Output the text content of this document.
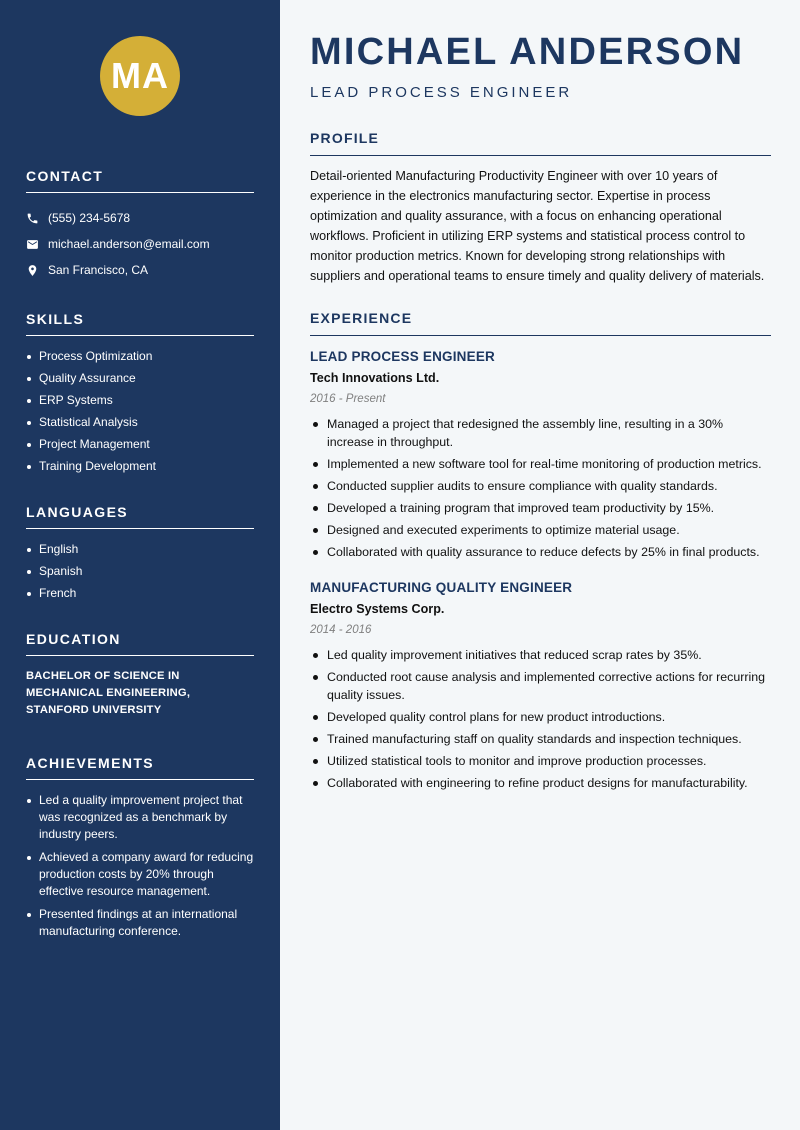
MA
CONTACT
(555) 234-5678
michael.anderson@email.com
San Francisco, CA
SKILLS
Process Optimization
Quality Assurance
ERP Systems
Statistical Analysis
Project Management
Training Development
LANGUAGES
English
Spanish
French
EDUCATION
BACHELOR OF SCIENCE IN MECHANICAL ENGINEERING, STANFORD UNIVERSITY
ACHIEVEMENTS
Led a quality improvement project that was recognized as a benchmark by industry peers.
Achieved a company award for reducing production costs by 20% through effective resource management.
Presented findings at an international manufacturing conference.
MICHAEL ANDERSON
LEAD PROCESS ENGINEER
PROFILE

Detail-oriented Manufacturing Productivity Engineer with over 10 years of experience in the electronics manufacturing sector. Expertise in process optimization and quality assurance, with a focus on enhancing operational workflows. Proficient in utilizing ERP systems and statistical process control to monitor production metrics. Known for developing strong relationships with suppliers and operational teams to ensure timely and quality delivery of materials.

EXPERIENCE
LEAD PROCESS ENGINEER
Tech Innovations Ltd.
2016 - Present
Managed a project that redesigned the assembly line, resulting in a 30% increase in throughput.
Implemented a new software tool for real-time monitoring of production metrics.
Conducted supplier audits to ensure compliance with quality standards.
Developed a training program that improved team productivity by 15%.
Designed and executed experiments to optimize material usage.
Collaborated with quality assurance to reduce defects by 25% in final products.
MANUFACTURING QUALITY ENGINEER
Electro Systems Corp.
2014 - 2016
Led quality improvement initiatives that reduced scrap rates by 35%.
Conducted root cause analysis and implemented corrective actions for recurring quality issues.
Developed quality control plans for new product introductions.
Trained manufacturing staff on quality standards and inspection techniques.
Utilized statistical tools to monitor and improve production processes.
Collaborated with engineering to refine product designs for manufacturability.
